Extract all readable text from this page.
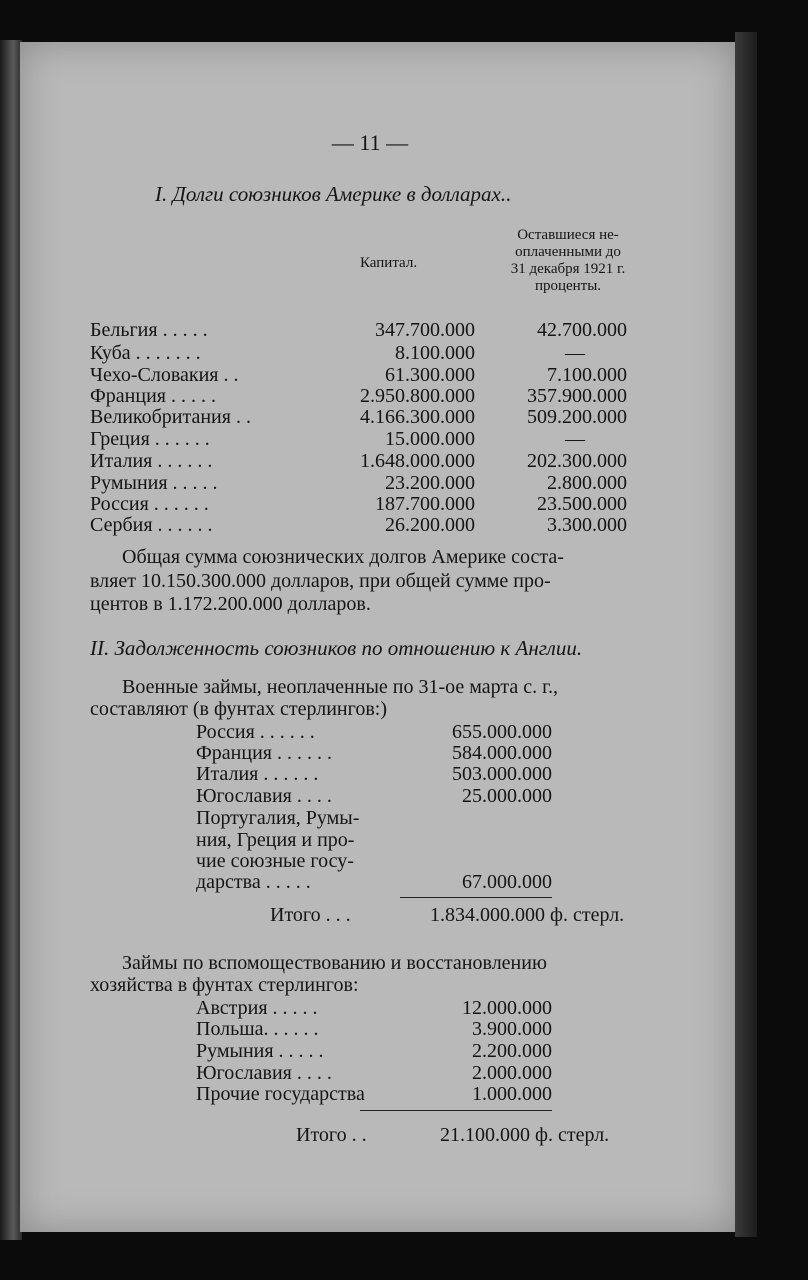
— 11 —
I. Долги союзников Америке в долларах..
Капитал.
Оставшиеся не-
оплаченными до
31 декабря 1921 г.
проценты.
Бельгия . . . . .	347.700.000	42.700.000
Куба . . . . . . .	8.100.000	—
Чехо-Словакия . .	61.300.000	7.100.000
Франция . . . . .	2.950.800.000	357.900.000
Великобритания . .	4.166.300.000	509.200.000
Греция . . . . . .	15.000.000	—
Италия . . . . . .	1.648.000.000	202.300.000
Румыния . . . . .	23.200.000	2.800.000
Россия . . . . . .	187.700.000	23.500.000
Сербия . . . . . .	26.200.000	3.300.000
Общая сумма союзнических долгов Америке соста-
вляет 10.150.300.000 долларов, при общей сумме про-
центов в 1.172.200.000 долларов.
II. Задолженность союзников по отношению к Англии.
Военные займы, неоплаченные по 31-ое марта с. г.,
составляют (в фунтах стерлингов:)
Россия . . . . . .	655.000.000
Франция . . . . . .	584.000.000
Италия . . . . . .	503.000.000
Югославия . . . .	25.000.000
Португалия, Румы-
ния, Греция и про-
чие союзные госу-
дарства . . . . .	67.000.000
Итого . . .	1.834.000.000 ф. стерл.
Займы по вспомоществованию и восстановлению
хозяйства в фунтах стерлингов:
Австрия . . . . .	12.000.000
Польша. . . . . .	3.900.000
Румыния . . . . .	2.200.000
Югославия . . . .	2.000.000
Прочие государства	1.000.000
Итого . .	21.100.000 ф. стерл.
